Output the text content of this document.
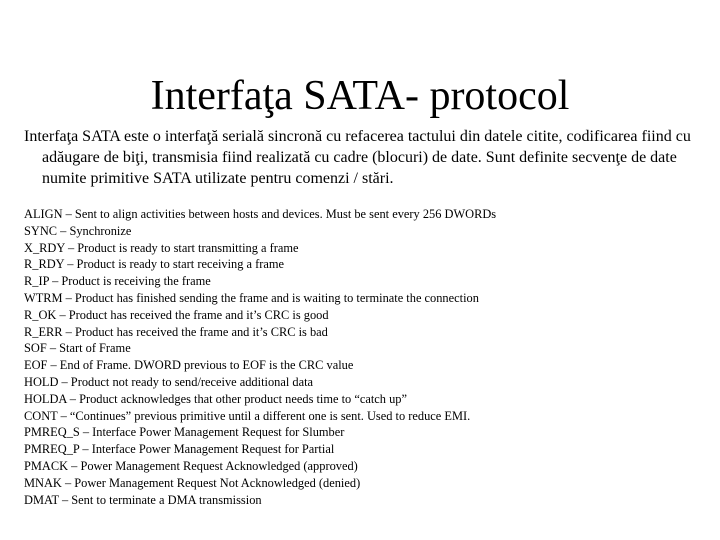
Interfaţa SATA- protocol
Interfaţa SATA este o interfaţă serială sincronă cu refacerea tactului din datele citite, codificarea fiind cu adăugare de biţi, transmisia fiind realizată cu cadre (blocuri) de date. Sunt definite secvenţe de date numite primitive SATA utilizate pentru comenzi / stări.
ALIGN – Sent to align activities between hosts and devices. Must be sent every 256 DWORDs
SYNC – Synchronize
X_RDY – Product is ready to start transmitting a frame
R_RDY – Product is ready to start receiving a frame
R_IP – Product is receiving the frame
WTRM – Product has finished sending the frame and is waiting to terminate the connection
R_OK – Product has received the frame and it’s CRC is good
R_ERR – Product has received the frame and it’s CRC is bad
SOF – Start of Frame
EOF – End of Frame. DWORD previous to EOF is the CRC value
HOLD – Product not ready to send/receive additional data
HOLDA – Product acknowledges that other product needs time to “catch up”
CONT – “Continues” previous primitive until a different one is sent. Used to reduce EMI.
PMREQ_S – Interface Power Management Request for Slumber
PMREQ_P – Interface Power Management Request for Partial
PMACK – Power Management Request Acknowledged (approved)
MNAK – Power Management Request Not Acknowledged (denied)
DMAT – Sent to terminate a DMA transmission
